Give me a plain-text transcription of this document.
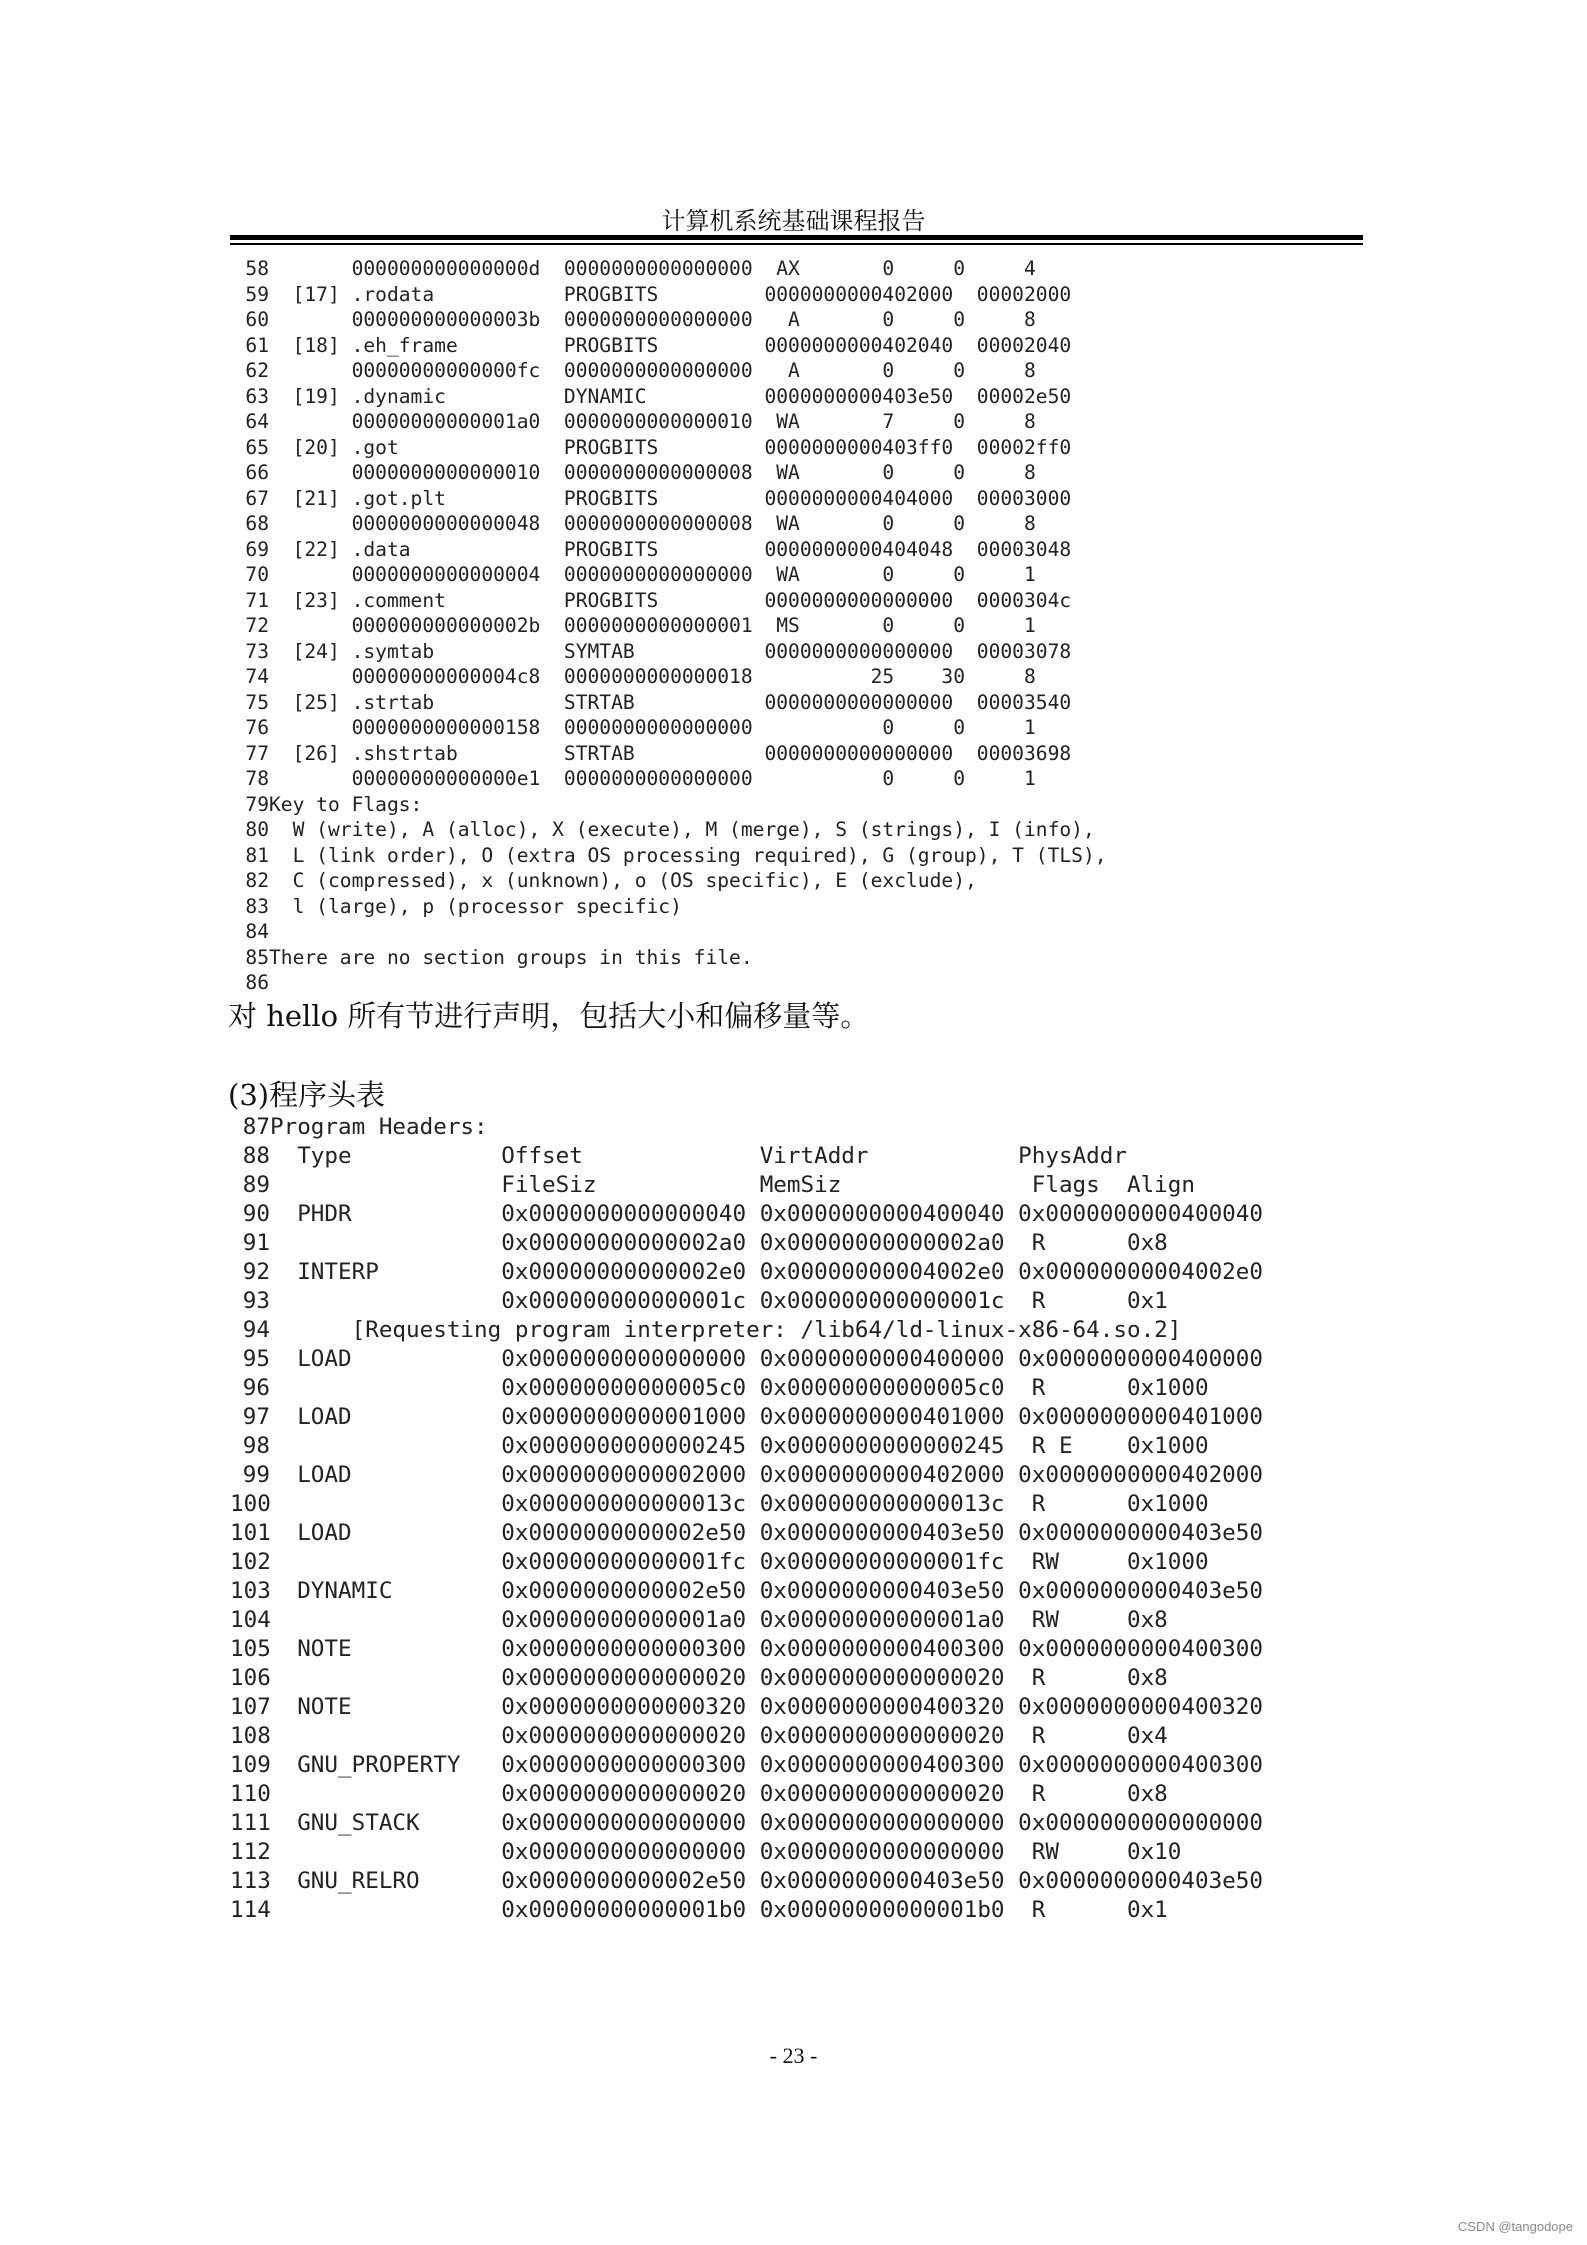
计算机系统基础课程报告
58       000000000000000d  0000000000000000  AX       0     0     4
59  [17] .rodata           PROGBITS         0000000000402000  00002000
60       000000000000003b  0000000000000000   A       0     0     8
61  [18] .eh_frame         PROGBITS         0000000000402040  00002040
62       00000000000000fc  0000000000000000   A       0     0     8
63  [19] .dynamic          DYNAMIC          0000000000403e50  00002e50
64       00000000000001a0  0000000000000010  WA       7     0     8
65  [20] .got              PROGBITS         0000000000403ff0  00002ff0
66       0000000000000010  0000000000000008  WA       0     0     8
67  [21] .got.plt          PROGBITS         0000000000404000  00003000
68       0000000000000048  0000000000000008  WA       0     0     8
69  [22] .data             PROGBITS         0000000000404048  00003048
70       0000000000000004  0000000000000000  WA       0     0     1
71  [23] .comment          PROGBITS         0000000000000000  0000304c
72       000000000000002b  0000000000000001  MS       0     0     1
73  [24] .symtab           SYMTAB           0000000000000000  00003078
74       00000000000004c8  0000000000000018          25    30     8
75  [25] .strtab           STRTAB           0000000000000000  00003540
76       0000000000000158  0000000000000000           0     0     1
77  [26] .shstrtab         STRTAB           0000000000000000  00003698
78       00000000000000e1  0000000000000000           0     0     1
79Key to Flags:
80  W (write), A (alloc), X (execute), M (merge), S (strings), I (info),
81  L (link order), O (extra OS processing required), G (group), T (TLS),
82  C (compressed), x (unknown), o (OS specific), E (exclude),
83  l (large), p (processor specific)
84
85There are no section groups in this file.
86
对 hello 所有节进行声明，包括大小和偏移量等。
(3)程序头表
87Program Headers:
88  Type           Offset             VirtAddr           PhysAddr
89                 FileSiz            MemSiz              Flags  Align
90  PHDR           0x0000000000000040 0x0000000000400040 0x0000000000400040
91                 0x00000000000002a0 0x00000000000002a0  R      0x8
92  INTERP         0x00000000000002e0 0x00000000004002e0 0x00000000004002e0
93                 0x000000000000001c 0x000000000000001c  R      0x1
94      [Requesting program interpreter: /lib64/ld-linux-x86-64.so.2]
95  LOAD           0x0000000000000000 0x0000000000400000 0x0000000000400000
96                 0x00000000000005c0 0x00000000000005c0  R      0x1000
97  LOAD           0x0000000000001000 0x0000000000401000 0x0000000000401000
98                 0x0000000000000245 0x0000000000000245  R E    0x1000
99  LOAD           0x0000000000002000 0x0000000000402000 0x0000000000402000
100                 0x000000000000013c 0x000000000000013c  R      0x1000
101  LOAD           0x0000000000002e50 0x0000000000403e50 0x0000000000403e50
102                 0x00000000000001fc 0x00000000000001fc  RW     0x1000
103  DYNAMIC        0x0000000000002e50 0x0000000000403e50 0x0000000000403e50
104                 0x00000000000001a0 0x00000000000001a0  RW     0x8
105  NOTE           0x0000000000000300 0x0000000000400300 0x0000000000400300
106                 0x0000000000000020 0x0000000000000020  R      0x8
107  NOTE           0x0000000000000320 0x0000000000400320 0x0000000000400320
108                 0x0000000000000020 0x0000000000000020  R      0x4
109  GNU_PROPERTY   0x0000000000000300 0x0000000000400300 0x0000000000400300
110                 0x0000000000000020 0x0000000000000020  R      0x8
111  GNU_STACK      0x0000000000000000 0x0000000000000000 0x0000000000000000
112                 0x0000000000000000 0x0000000000000000  RW     0x10
113  GNU_RELRO      0x0000000000002e50 0x0000000000403e50 0x0000000000403e50
114                 0x00000000000001b0 0x00000000000001b0  R      0x1
- 23 -
CSDN @tangodope
